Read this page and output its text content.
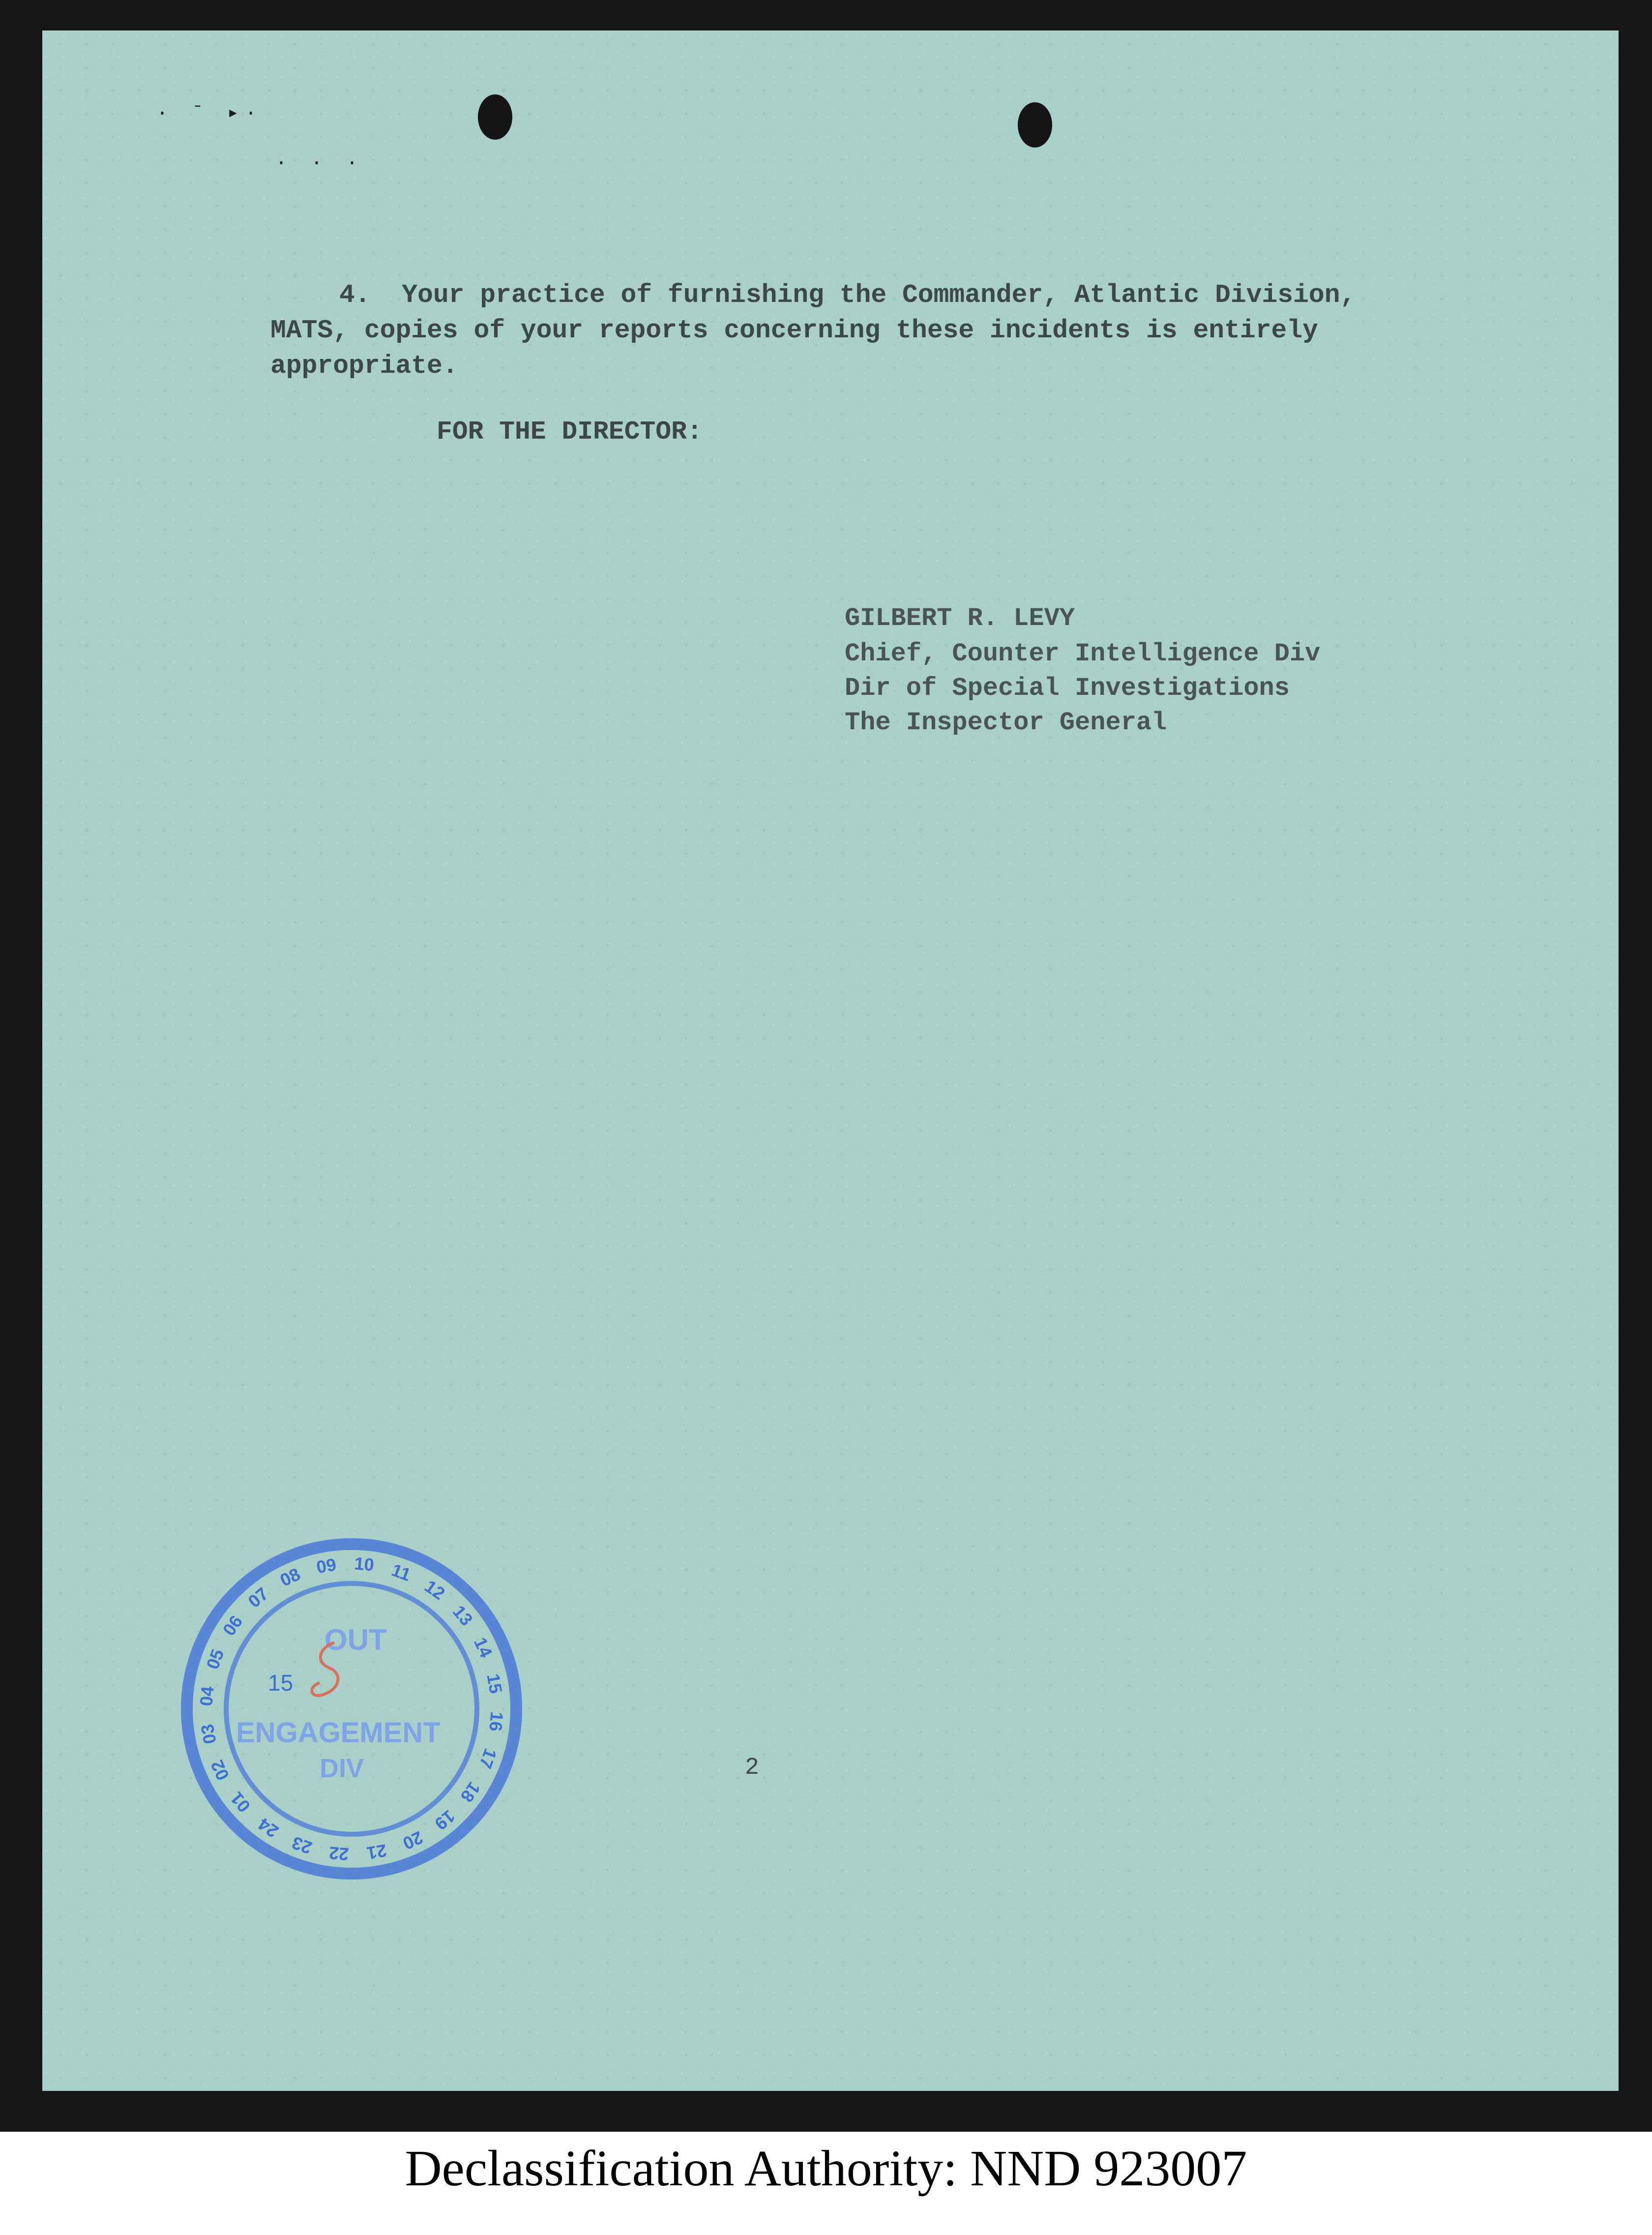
· ˉ ▸·
· · ·
4.  Your practice of furnishing the Commander, Atlantic Division,
MATS, copies of your reports concerning these incidents is entirely
appropriate.
FOR THE DIRECTOR:
GILBERT R. LEVY
Chief, Counter Intelligence Div
Dir of Special Investigations
The Inspector General
09 10 11
12
13
14
15
16
17
18
19
20
21
22
23
24
01
02
03
04
05
06
07
08
OUT
15
ENGAGEMENT
DIV	2
Declassification Authority: NND 923007
